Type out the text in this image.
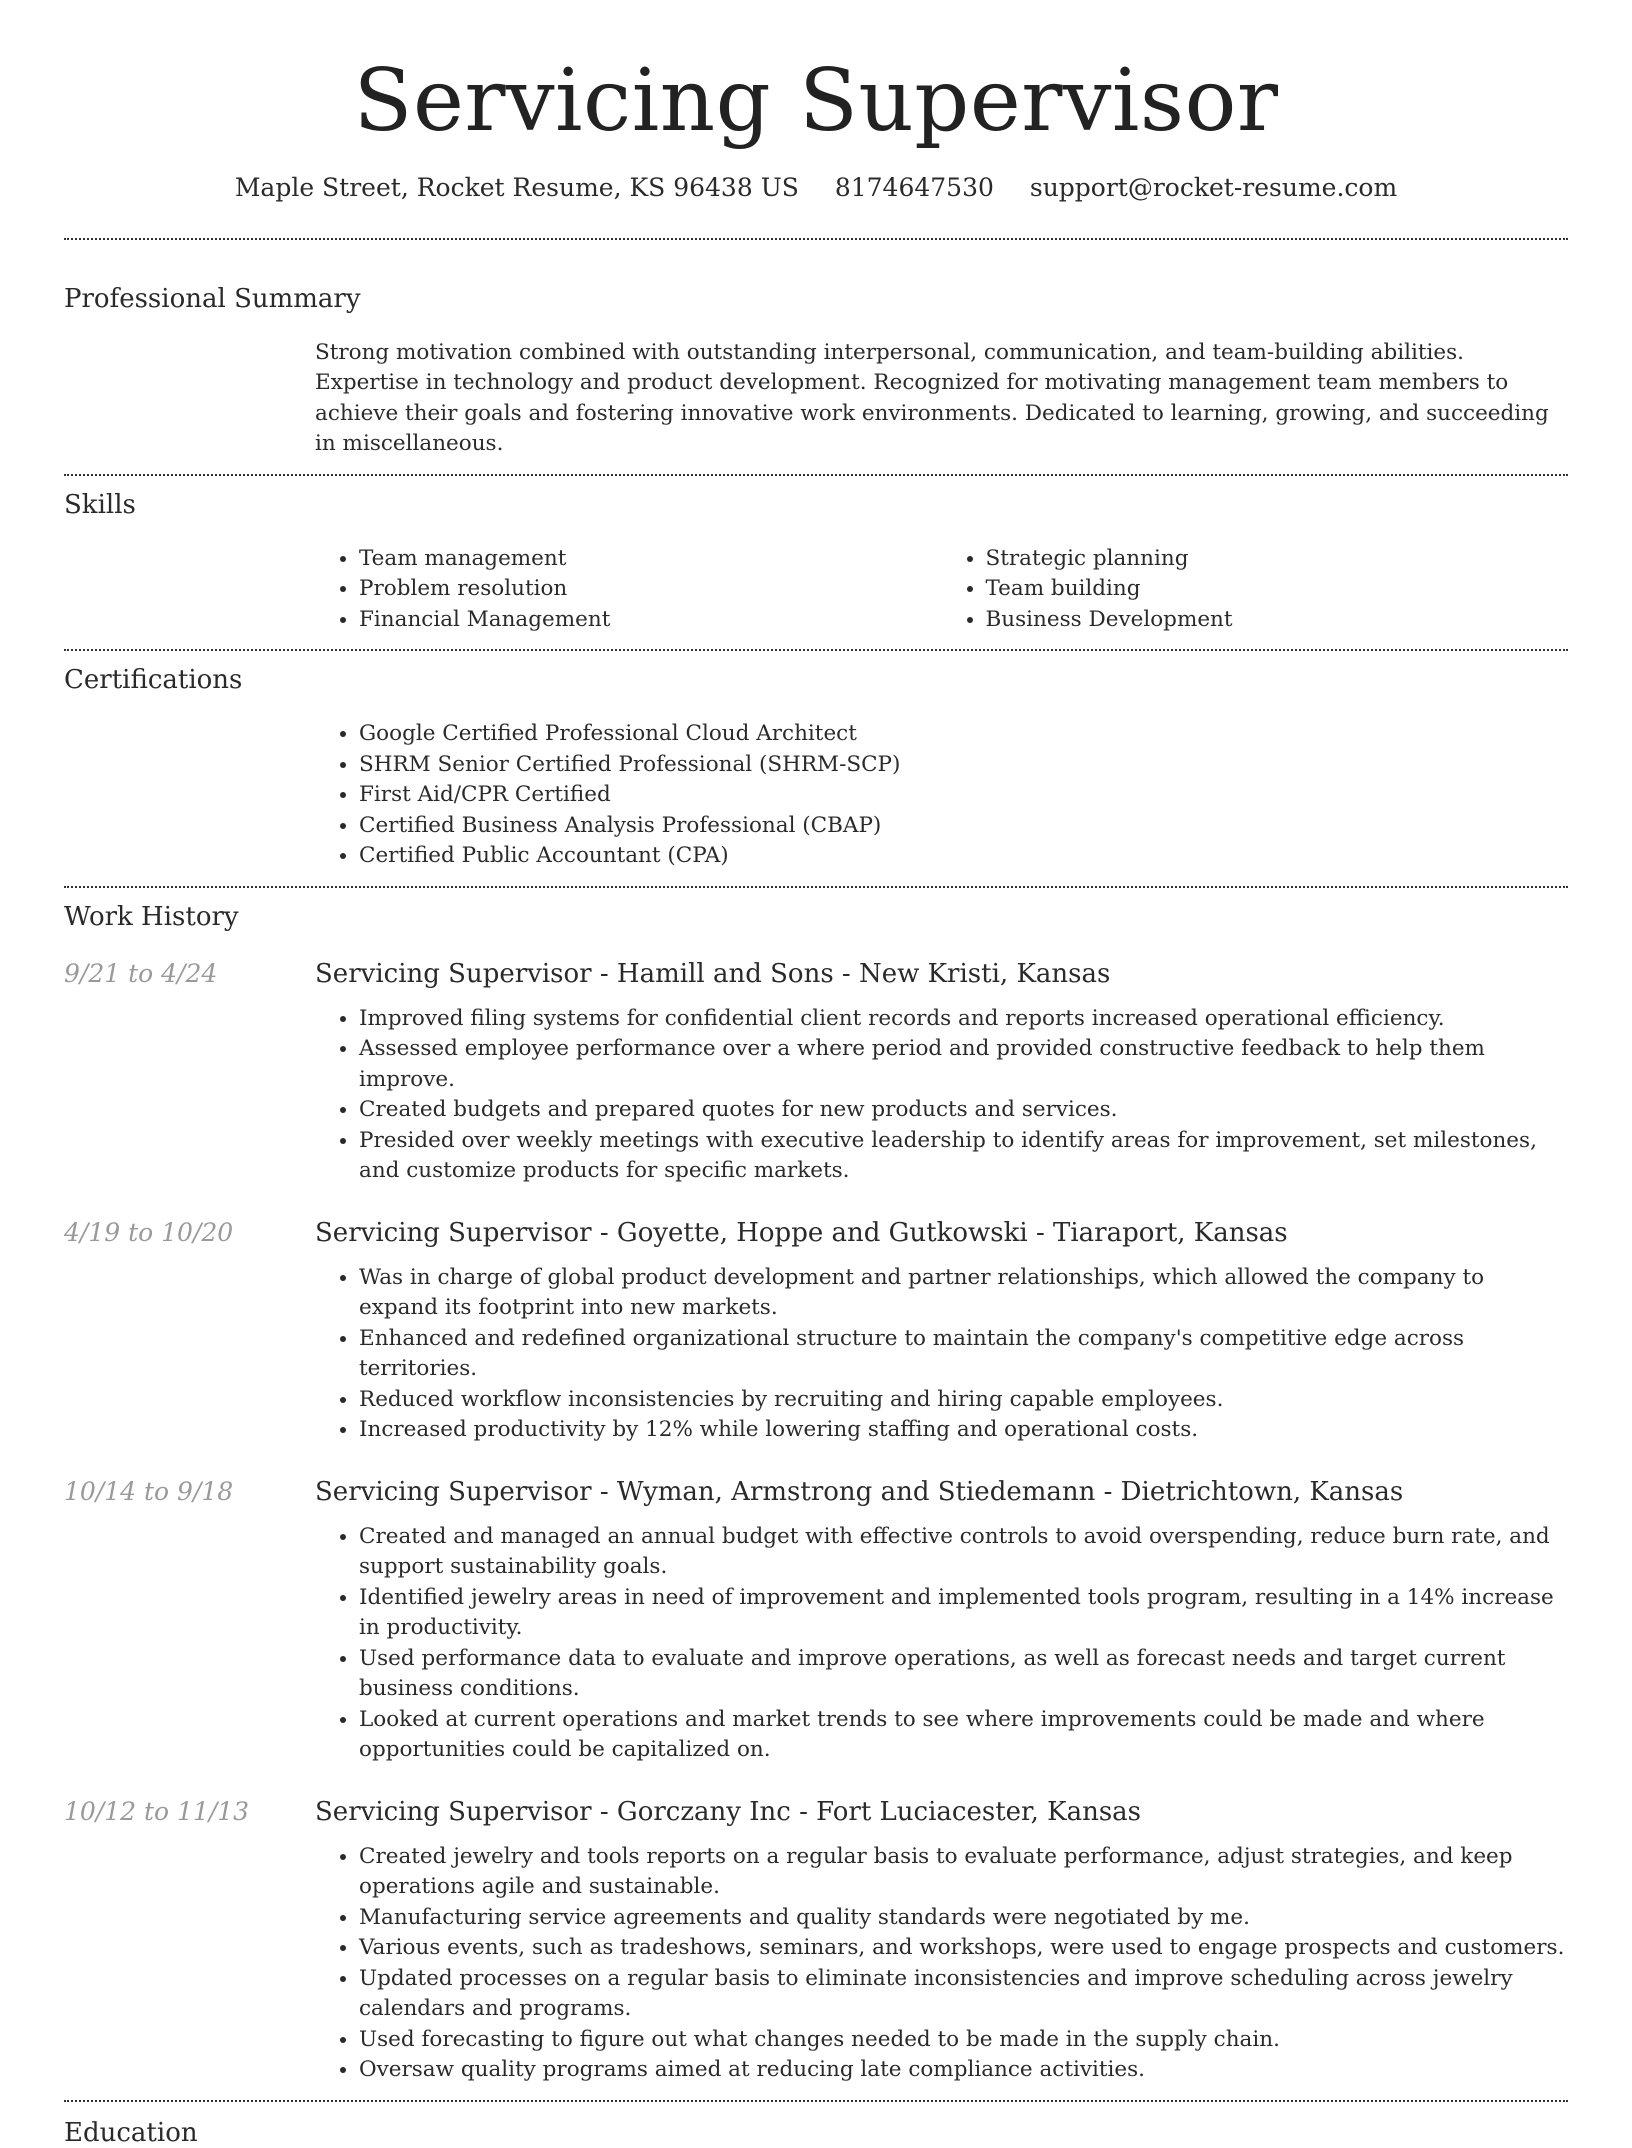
Servicing Supervisor
Maple Street, Rocket Resume, KS 96438 US 8174647530 support@rocket-resume.com
Professional Summary

Strong motivation combined with outstanding interpersonal, communication, and team-building abilities. Expertise in technology and product development. Recognized for motivating management team members to achieve their goals and fostering innovative work environments. Dedicated to learning, growing, and succeeding in miscellaneous.

Skills
• Team management
• Problem resolution
• Financial Management
• Strategic planning
• Team building
• Business Development
Certifications
• Google Certified Professional Cloud Architect
• SHRM Senior Certified Professional (SHRM-SCP)
• First Aid/CPR Certified
• Certified Business Analysis Professional (CBAP)
• Certified Public Accountant (CPA)
Work History
9/21 to 4/24	Servicing Supervisor - Hamill and Sons - New Kristi, Kansas
• Improved filing systems for confidential client records and reports increased operational efficiency.
• Assessed employee performance over a where period and provided constructive feedback to help them improve.
• Created budgets and prepared quotes for new products and services.
• Presided over weekly meetings with executive leadership to identify areas for improvement, set milestones, and customize products for specific markets.
4/19 to 10/20	Servicing Supervisor - Goyette, Hoppe and Gutkowski - Tiaraport, Kansas
• Was in charge of global product development and partner relationships, which allowed the company to expand its footprint into new markets.
• Enhanced and redefined organizational structure to maintain the company's competitive edge across territories.
• Reduced workflow inconsistencies by recruiting and hiring capable employees.
• Increased productivity by 12% while lowering staffing and operational costs.
10/14 to 9/18	Servicing Supervisor - Wyman, Armstrong and Stiedemann - Dietrichtown, Kansas
• Created and managed an annual budget with effective controls to avoid overspending, reduce burn rate, and support sustainability goals.
• Identified jewelry areas in need of improvement and implemented tools program, resulting in a 14% increase in productivity.
• Used performance data to evaluate and improve operations, as well as forecast needs and target current business conditions.
• Looked at current operations and market trends to see where improvements could be made and where opportunities could be capitalized on.
10/12 to 11/13	Servicing Supervisor - Gorczany Inc - Fort Luciacester, Kansas
• Created jewelry and tools reports on a regular basis to evaluate performance, adjust strategies, and keep operations agile and sustainable.
• Manufacturing service agreements and quality standards were negotiated by me.
• Various events, such as tradeshows, seminars, and workshops, were used to engage prospects and customers.
• Updated processes on a regular basis to eliminate inconsistencies and improve scheduling across jewelry calendars and programs.
• Used forecasting to figure out what changes needed to be made in the supply chain.
• Oversaw quality programs aimed at reducing late compliance activities.
Education
